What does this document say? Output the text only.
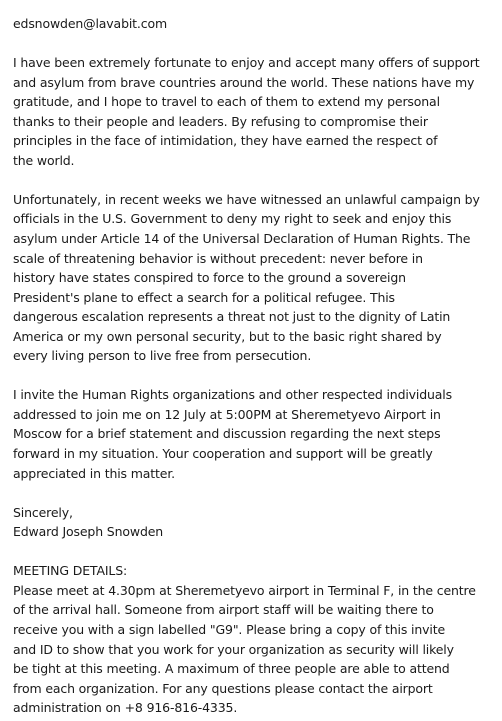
edsnowden@lavabit.com
I have been extremely fortunate to enjoy and accept many offers of support
and asylum from brave countries around the world. These nations have my
gratitude, and I hope to travel to each of them to extend my personal
thanks to their people and leaders. By refusing to compromise their
principles in the face of intimidation, they have earned the respect of
the world.
Unfortunately, in recent weeks we have witnessed an unlawful campaign by
officials in the U.S. Government to deny my right to seek and enjoy this
asylum under Article 14 of the Universal Declaration of Human Rights. The
scale of threatening behavior is without precedent: never before in
history have states conspired to force to the ground a sovereign
President's plane to effect a search for a political refugee. This
dangerous escalation represents a threat not just to the dignity of Latin
America or my own personal security, but to the basic right shared by
every living person to live free from persecution.
I invite the Human Rights organizations and other respected individuals
addressed to join me on 12 July at 5:00PM at Sheremetyevo Airport in
Moscow for a brief statement and discussion regarding the next steps
forward in my situation. Your cooperation and support will be greatly
appreciated in this matter.
Sincerely,
Edward Joseph Snowden
MEETING DETAILS:
Please meet at 4.30pm at Sheremetyevo airport in Terminal F, in the centre
of the arrival hall. Someone from airport staff will be waiting there to
receive you with a sign labelled "G9". Please bring a copy of this invite
and ID to show that you work for your organization as security will likely
be tight at this meeting. A maximum of three people are able to attend
from each organization. For any questions please contact the airport
administration on +8 916-816-4335.
